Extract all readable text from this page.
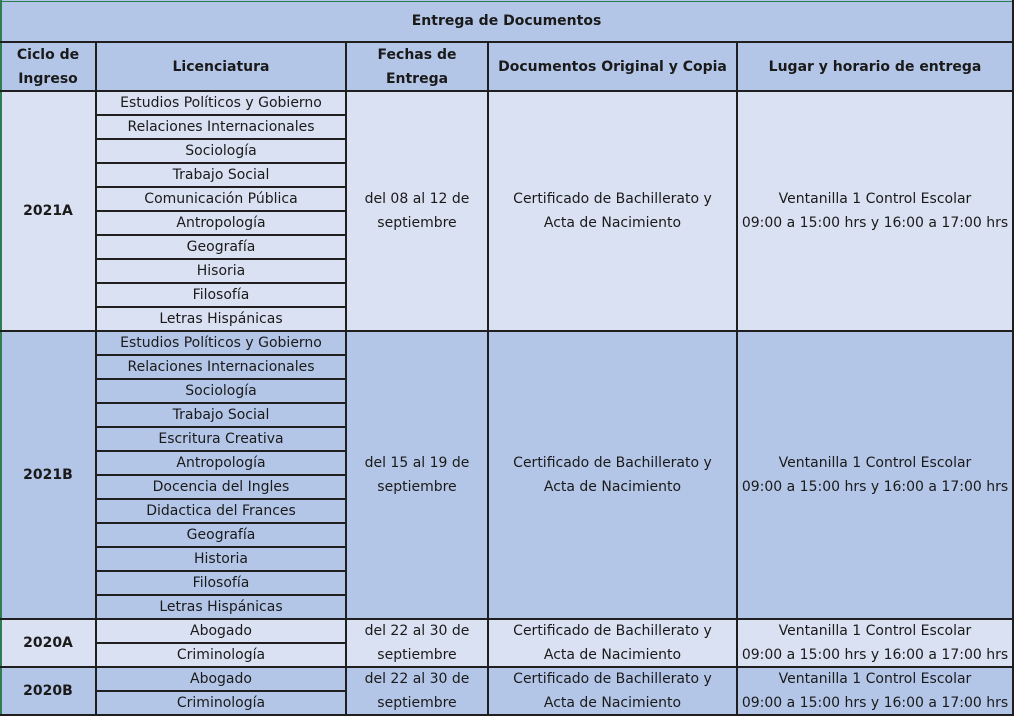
Entrega de Documentos
Ciclo de
Ingreso
Licenciatura
Fechas de
Entrega
Documentos Original y Copia	Lugar y horario de entrega
2021A
Estudios Políticos y Gobierno
Relaciones Internacionales
Sociología
Trabajo Social
Comunicación Pública
Antropología
Geografía
Hisoria
Filosofía
Letras Hispánicas
del 08 al 12 de
septiembre
Certificado de Bachillerato y
Acta de Nacimiento
Ventanilla 1 Control Escolar
09:00 a 15:00 hrs y 16:00 a 17:00 hrs
2021B
Estudios Políticos y Gobierno
Relaciones Internacionales
Sociología
Trabajo Social
Escritura Creativa
Antropología
Docencia del Ingles
Didactica del Frances
Geografía
Historia
Filosofía
Letras Hispánicas
del 15 al 19 de
septiembre
Certificado de Bachillerato y
Acta de Nacimiento
Ventanilla 1 Control Escolar
09:00 a 15:00 hrs y 16:00 a 17:00 hrs
2020A
Abogado
Criminología
del 22 al 30 de
septiembre
Certificado de Bachillerato y
Acta de Nacimiento
Ventanilla 1 Control Escolar
09:00 a 15:00 hrs y 16:00 a 17:00 hrs
2020B
Abogado
Criminología
del 22 al 30 de
septiembre
Certificado de Bachillerato y
Acta de Nacimiento
Ventanilla 1 Control Escolar
09:00 a 15:00 hrs y 16:00 a 17:00 hrs
